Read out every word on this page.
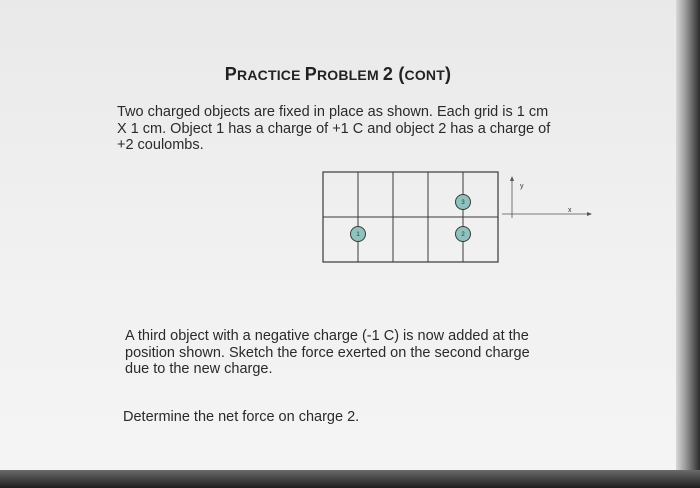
PRACTICE PROBLEM 2 (CONT)
Two charged objects are fixed in place as shown. Each grid is 1 cm
X 1 cm. Object 1 has a charge of +1 C and object 2 has a charge of
+2 coulombs.
1	2
3
y
x
A third object with a negative charge (-1 C) is now added at the
position shown. Sketch the force exerted on the second charge
due to the new charge.
Determine the net force on charge 2.
